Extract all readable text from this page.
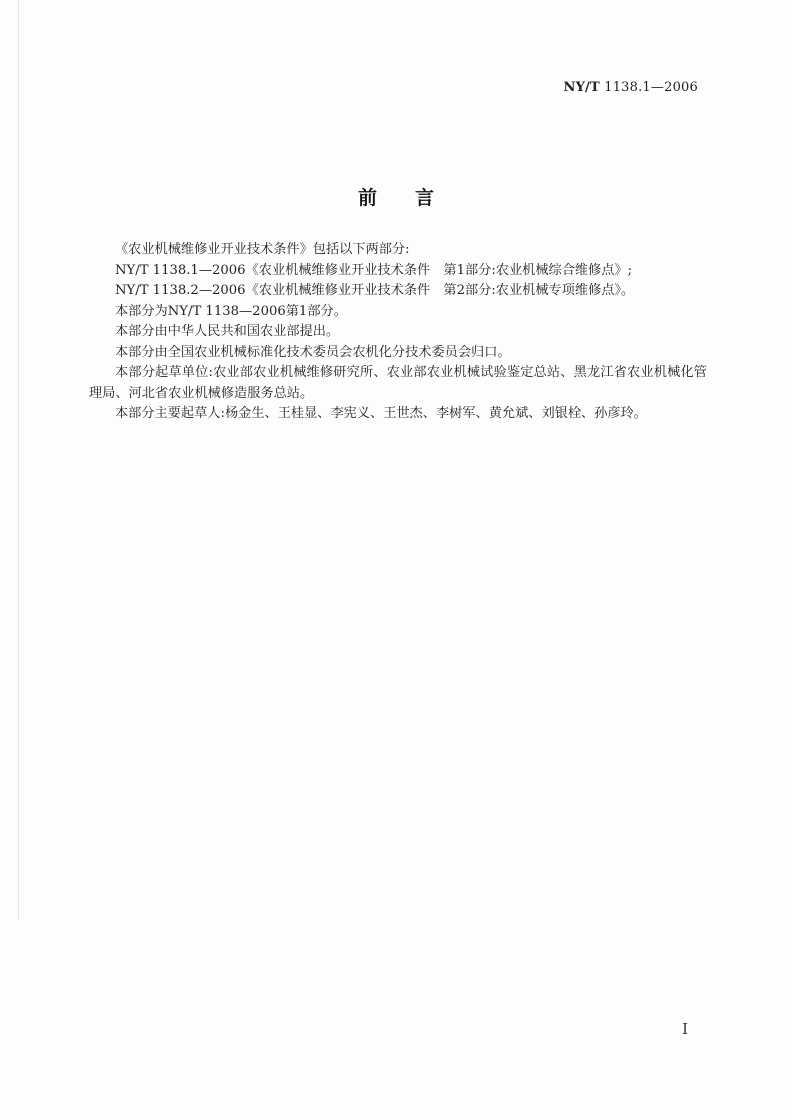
NY/T 1138.1—2006
前言

《农业机械维修业开业技术条件》包括以下两部分:

NY/T 1138.1—2006《农业机械维修业开业技术条件　第1部分:农业机械综合维修点》;

NY/T 1138.2—2006《农业机械维修业开业技术条件　第2部分:农业机械专项维修点》。

本部分为NY/T 1138—2006第1部分。

本部分由中华人民共和国农业部提出。

本部分由全国农业机械标准化技术委员会农机化分技术委员会归口。

本部分起草单位:农业部农业机械维修研究所、农业部农业机械试验鉴定总站、黑龙江省农业机械化管理局、河北省农业机械修造服务总站。

本部分主要起草人:杨金生、王桂显、李宪义、王世杰、李树军、黄允斌、刘银栓、孙彦玲。

I
